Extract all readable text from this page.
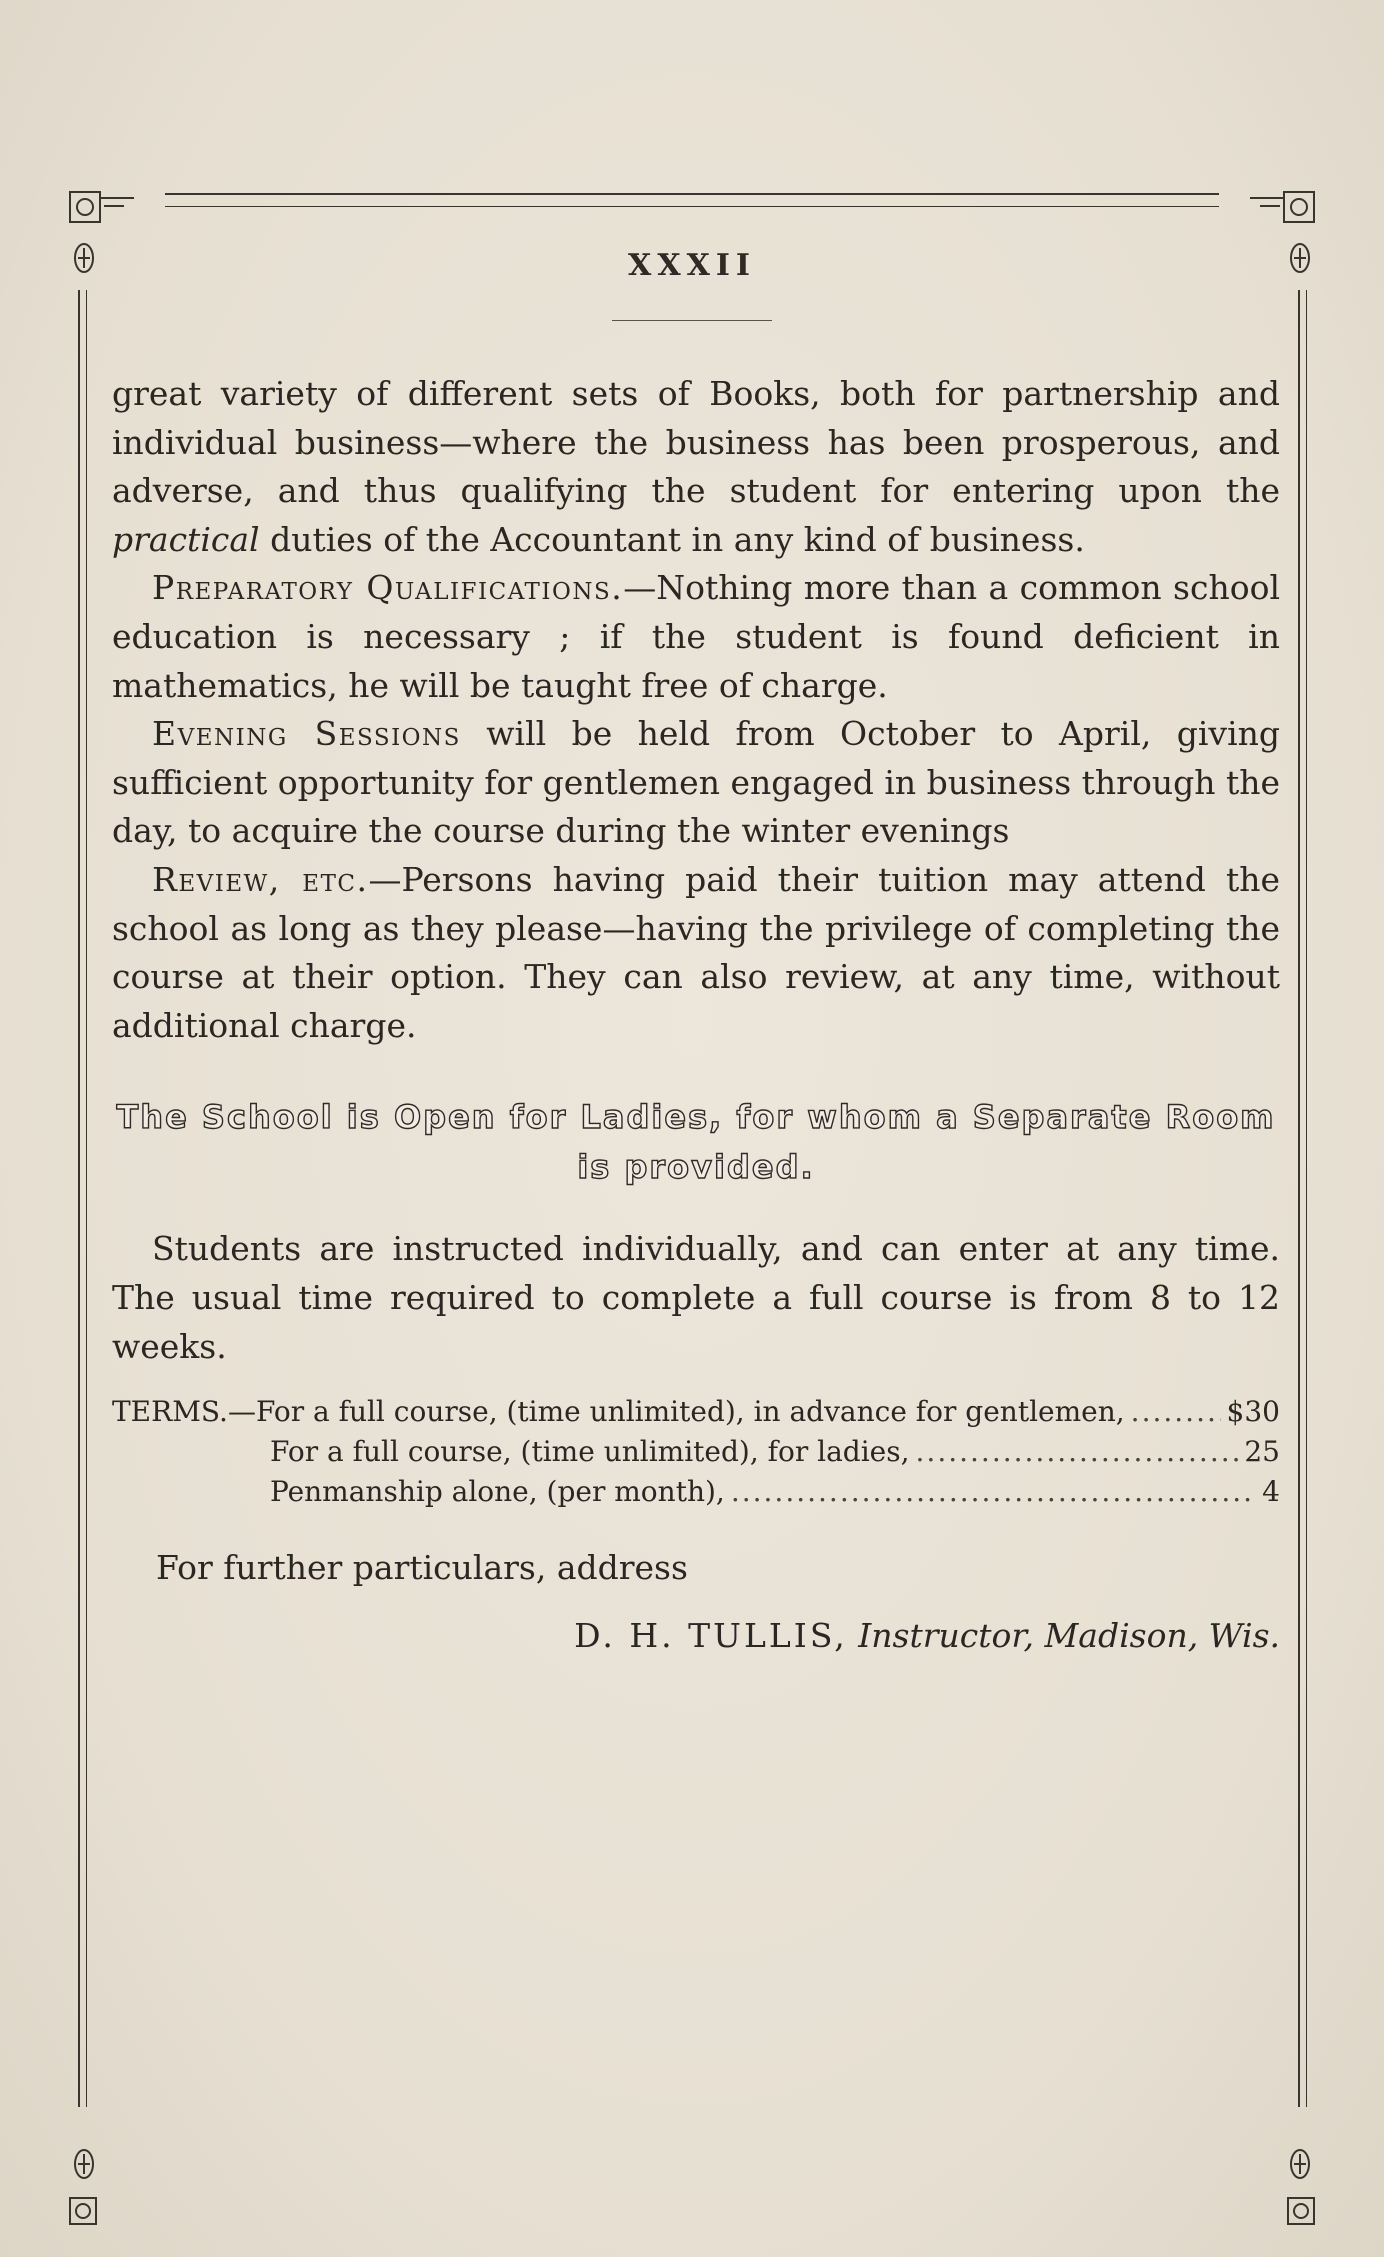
XXXII

great variety of different sets of Books, both for partnership and individual business—where the business has been prosperous, and adverse, and thus qualifying the student for entering upon the practical duties of the Accountant in any kind of business.

Preparatory Qualifications.—Nothing more than a common school education is necessary ; if the student is found deficient in mathematics, he will be taught free of charge.

Evening Sessions will be held from October to April, giving sufficient opportunity for gentlemen engaged in business through the day, to acquire the course during the winter evenings

Review, etc.—Persons having paid their tuition may attend the school as long as they please—having the privilege of completing the course at their option. They can also review, at any time, without additional charge.

The School is Open for Ladies, for whom a Separate Room
is provided.

Students are instructed individually, and can enter at any time. The usual time required to complete a full course is from 8 to 12 weeks.

TERMS.—For a full course, (time unlimited), in advance for gentlemen, .....	$30
For a full course, (time unlimited), for ladies, .....	25
Penmanship alone, (per month), .....	4
For further particulars, address
D. H. TULLIS, Instructor, Madison, Wis.
